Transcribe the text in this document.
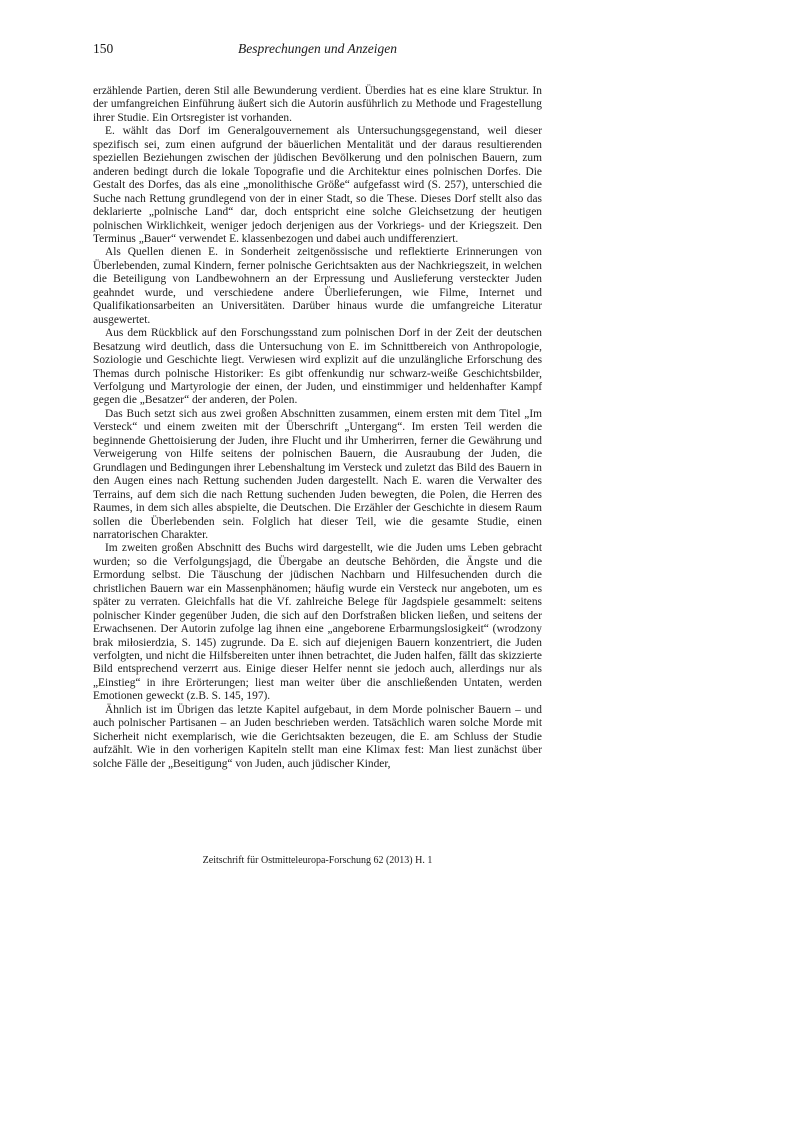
150	Besprechungen und Anzeigen

erzählende Partien, deren Stil alle Bewunderung verdient. Überdies hat es eine klare Struktur. In der umfangreichen Einführung äußert sich die Autorin ausführlich zu Methode und Fragestellung ihrer Studie. Ein Ortsregister ist vorhanden.

E. wählt das Dorf im Generalgouvernement als Untersuchungsgegenstand, weil dieser spezifisch sei, zum einen aufgrund der bäuerlichen Mentalität und der daraus resultierenden speziellen Beziehungen zwischen der jüdischen Bevölkerung und den polnischen Bauern, zum anderen bedingt durch die lokale Topografie und die Architektur eines polnischen Dorfes. Die Gestalt des Dorfes, das als eine „monolithische Größe“ aufgefasst wird (S. 257), unterschied die Suche nach Rettung grundlegend von der in einer Stadt, so die These. Dieses Dorf stellt also das deklarierte „polnische Land“ dar, doch entspricht eine solche Gleichsetzung der heutigen polnischen Wirklichkeit, weniger jedoch derjenigen aus der Vorkriegs- und der Kriegszeit. Den Terminus „Bauer“ verwendet E. klassenbezogen und dabei auch undifferenziert.

Als Quellen dienen E. in Sonderheit zeitgenössische und reflektierte Erinnerungen von Überlebenden, zumal Kindern, ferner polnische Gerichtsakten aus der Nachkriegszeit, in welchen die Beteiligung von Landbewohnern an der Erpressung und Auslieferung versteckter Juden geahndet wurde, und verschiedene andere Überlieferungen, wie Filme, Internet und Qualifikationsarbeiten an Universitäten. Darüber hinaus wurde die umfangreiche Literatur ausgewertet.

Aus dem Rückblick auf den Forschungsstand zum polnischen Dorf in der Zeit der deutschen Besatzung wird deutlich, dass die Untersuchung von E. im Schnittbereich von Anthropologie, Soziologie und Geschichte liegt. Verwiesen wird explizit auf die unzulängliche Erforschung des Themas durch polnische Historiker: Es gibt offenkundig nur schwarz-weiße Geschichtsbilder, Verfolgung und Martyrologie der einen, der Juden, und einstimmiger und heldenhafter Kampf gegen die „Besatzer“ der anderen, der Polen.

Das Buch setzt sich aus zwei großen Abschnitten zusammen, einem ersten mit dem Titel „Im Versteck“ und einem zweiten mit der Überschrift „Untergang“. Im ersten Teil werden die beginnende Ghettoisierung der Juden, ihre Flucht und ihr Umherirren, ferner die Gewährung und Verweigerung von Hilfe seitens der polnischen Bauern, die Ausraubung der Juden, die Grundlagen und Bedingungen ihrer Lebenshaltung im Versteck und zuletzt das Bild des Bauern in den Augen eines nach Rettung suchenden Juden dargestellt. Nach E. waren die Verwalter des Terrains, auf dem sich die nach Rettung suchenden Juden bewegten, die Polen, die Herren des Raumes, in dem sich alles abspielte, die Deutschen. Die Erzähler der Geschichte in diesem Raum sollen die Überlebenden sein. Folglich hat dieser Teil, wie die gesamte Studie, einen narratorischen Charakter.

Im zweiten großen Abschnitt des Buchs wird dargestellt, wie die Juden ums Leben gebracht wurden; so die Verfolgungsjagd, die Übergabe an deutsche Behörden, die Ängste und die Ermordung selbst. Die Täuschung der jüdischen Nachbarn und Hilfesuchenden durch die christlichen Bauern war ein Massenphänomen; häufig wurde ein Versteck nur angeboten, um es später zu verraten. Gleichfalls hat die Vf. zahlreiche Belege für Jagdspiele gesammelt: seitens polnischer Kinder gegenüber Juden, die sich auf den Dorfstraßen blicken ließen, und seitens der Erwachsenen. Der Autorin zufolge lag ihnen eine „angeborene Erbarmungslosigkeit“ (wrodzony brak miłosierdzia, S. 145) zugrunde. Da E. sich auf diejenigen Bauern konzentriert, die Juden verfolgten, und nicht die Hilfsbereiten unter ihnen betrachtet, die Juden halfen, fällt das skizzierte Bild entsprechend verzerrt aus. Einige dieser Helfer nennt sie jedoch auch, allerdings nur als „Einstieg“ in ihre Erörterungen; liest man weiter über die anschließenden Untaten, werden Emotionen geweckt (z.B. S. 145, 197).

Ähnlich ist im Übrigen das letzte Kapitel aufgebaut, in dem Morde polnischer Bauern – und auch polnischer Partisanen – an Juden beschrieben werden. Tatsächlich waren solche Morde mit Sicherheit nicht exemplarisch, wie die Gerichtsakten bezeugen, die E. am Schluss der Studie aufzählt. Wie in den vorherigen Kapiteln stellt man eine Klimax fest: Man liest zunächst über solche Fälle der „Beseitigung“ von Juden, auch jüdischer Kinder,

Zeitschrift für Ostmitteleuropa-Forschung 62 (2013) H. 1
